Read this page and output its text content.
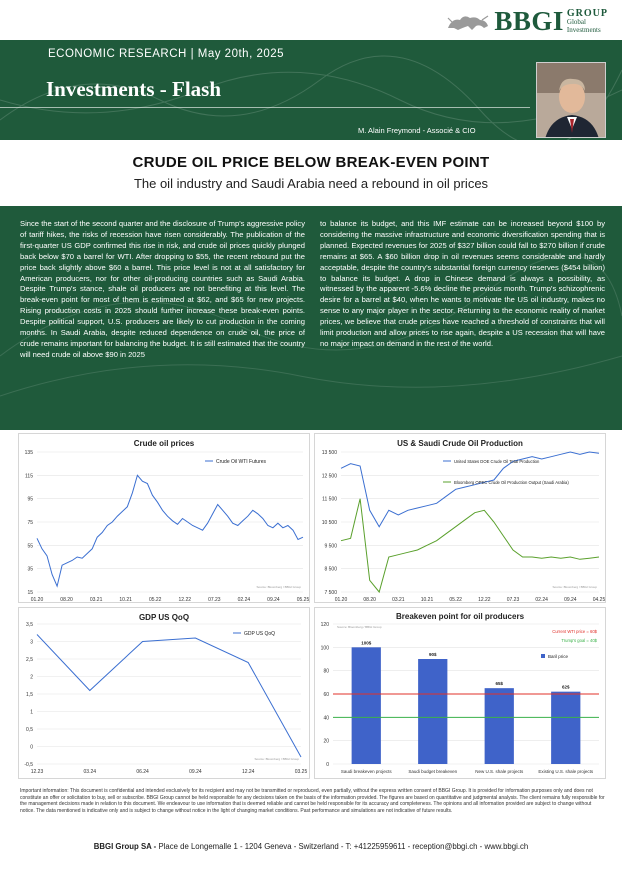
BBGI GROUP
Global
Investments
ECONOMIC RESEARCH | May 20th, 2025
Investments - Flash
M. Alain Freymond - Associé & CIO
CRUDE OIL PRICE BELOW BREAK-EVEN POINT
The oil industry and Saudi Arabia need a rebound in oil prices
Since the start of the second quarter and the disclosure of Trump's aggressive policy of tariff hikes, the risks of recession have risen considerably. The publication of the first-quarter US GDP confirmed this rise in risk, and crude oil prices quickly plunged back below $70 a barrel for WTI. After dropping to $55, the recent rebound put the price back slightly above $60 a barrel. This price level is not at all satisfactory for American producers, nor for other oil-producing countries such as Saudi Arabia. Despite Trump's stance, shale oil producers are not benefiting at this level. The break-even point for most of them is estimated at $62, and $65 for new projects. Rising production costs in 2025 should further increase these break-even points. Despite political support, U.S. producers are likely to cut production in the coming months. In Saudi Arabia, despite reduced dependence on crude oil, the price of crude remains important for balancing the budget. It is still estimated that the country will need crude oil above $90 in 2025
to balance its budget, and this IMF estimate can be increased beyond $100 by considering the massive infrastructure and economic diversification spending that is planned. Expected revenues for 2025 of $327 billion could fall to $270 billion if crude remains at $65. A $60 billion drop in oil revenues seems considerable and hardly acceptable, despite the country's substantial foreign currency reserves ($454 billion) to balance its budget. A drop in Chinese demand is always a possibility, as witnessed by the apparent -5.6% decline the previous month. Trump's schizophrenic desire for a barrel at $40, when he wants to motivate the US oil industry, makes no sense to any major player in the sector. Returning to the economic reality of market prices, we believe that crude prices have reached a threshold of constraints that will limit production and allow prices to rise again, despite a US recession that will have no major impact on demand in the rest of the world.
Crude oil prices
135
115
95
75
55
35
15
01.20	08.20	03.21	10.21	05.22	12.22	07.23	02.24	09.24	05.25
Source: Bloomberg / BBGI Group
Crude Oil WTI Futures
US & Saudi Crude Oil Production
13 500
12 500
11 500
10 500
9 500
8 500
7 500
01.20	08.20	03.21	10.21	05.22	12.22	07.23	02.24	09.24	04.25
Source: Bloomberg / BBGI Group
United States DOE Crude Oil Total Production
Bloomberg OPEC Crude Oil Production Output (Saudi Arabia)
GDP US QoQ
3,5
3
2,5
2
1,5
1
0,5
0
-0,5
12.23	03.24	06.24	09.24	12.24	03.25
Source: Bloomberg / BBGI Group
GDP US QoQ
Breakeven point for oil producers
Source: Bloomberg / BBGI Group
120
100
80
60
40
20
0
100$
Saudi breakeven projects
90$
Saudi budget breakeven
65$
New U.S. shale projects
62$
Existing U.S. shale projects
Current WTI price = 60$
Trump's goal = 40$
Baril price
Important information: This document is confidential and intended exclusively for its recipient and may not be transmitted or reproduced, even partially, without the express written consent of BBGI Group. It is provided for information purposes only and does not constitute an offer or solicitation to buy, sell or subscribe. BBGI Group cannot be held responsible for any decisions taken on the basis of the information provided. The figures are based on quantitative and judgmental analysis. The client remains fully responsible for the management decisions made in relation to this document. We endeavour to use information that is deemed reliable and cannot be held responsible for its accuracy and completeness. The opinions and all information provided are subject to change without notice. The data mentioned is indicative only and is subject to change without notice in the light of changing market conditions. Past performance and simulations are not indicative of future results.
BBGI Group SA - Place de Longemalle 1 - 1204 Geneva - Switzerland - T: +41225959611 - reception@bbgi.ch - www.bbgi.ch
